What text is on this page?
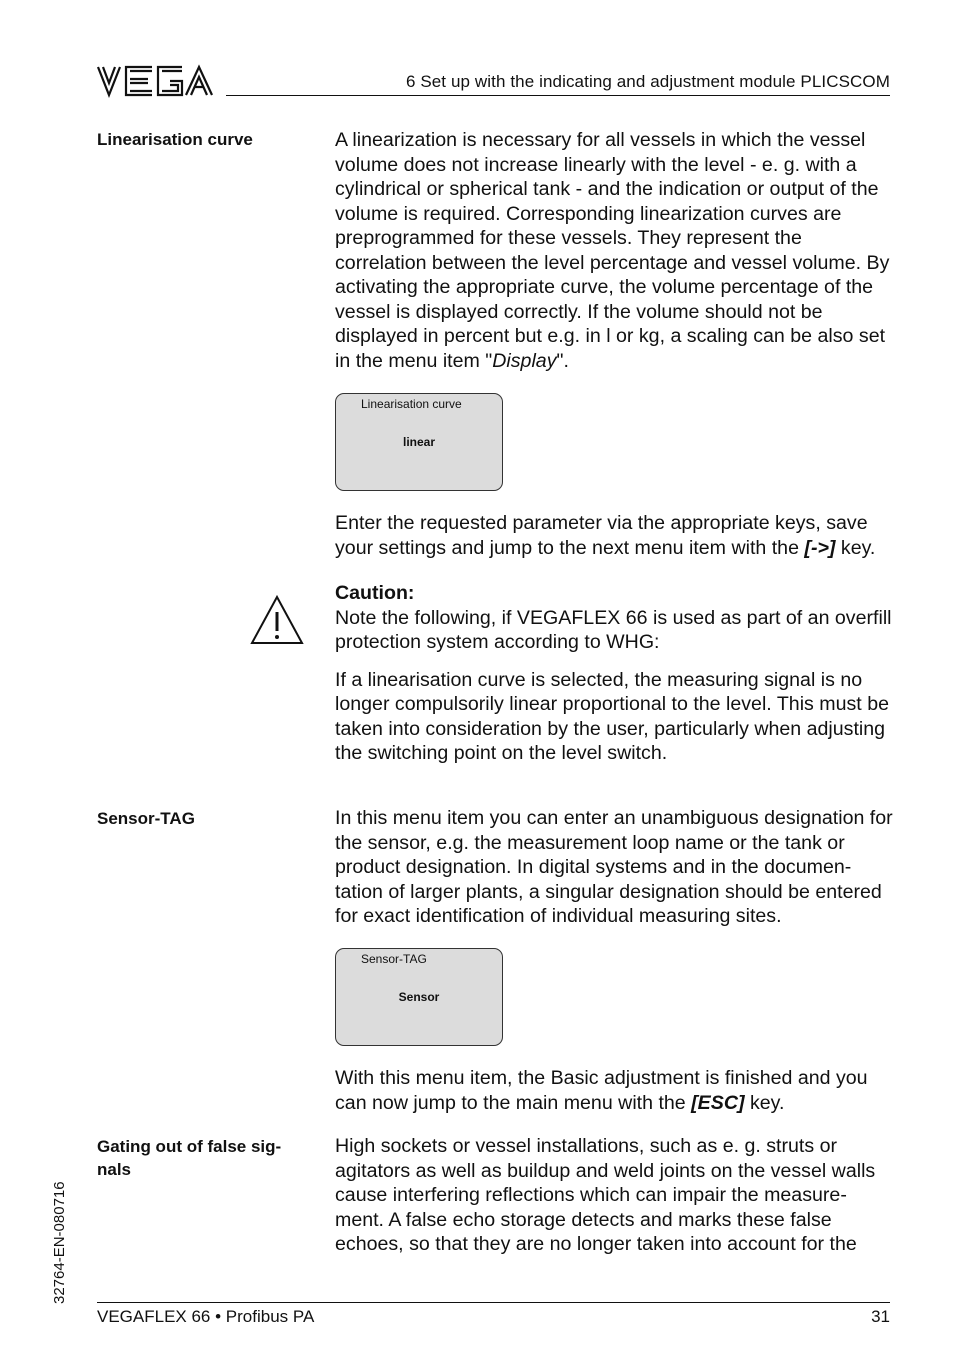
6 Set up with the indicating and adjustment module PLICSCOM
Linearisation curve	A linearization is necessary for all vessels in which the vessel volume does not increase linearly with the level - e. g. with a cylindrical or spherical tank - and the indication or output of the volume is required. Corresponding linearization curves are preprogrammed for these vessels. They represent the correlation between the level percentage and vessel volume. By activating the appropriate curve, the volume percentage of the vessel is displayed correctly. If the volume should not be displayed in percent but e.g. in l or kg, a scaling can be also set in the menu item "Display".
Linearisation curve
linear
Enter the requested parameter via the appropriate keys, save your settings and jump to the next menu item with the [->] key.
Caution:
Note the following, if VEGAFLEX 66 is used as part of an overfill protection system according to WHG:
If a linearisation curve is selected, the measuring signal is no longer compulsorily linear proportional to the level. This must be taken into consideration by the user, particularly when adjusting the switching point on the level switch.
Sensor-TAG	In this menu item you can enter an unambiguous designation for the sensor, e.g. the measurement loop name or the tank or product designation. In digital systems and in the documen-tation of larger plants, a singular designation should be entered for exact identification of individual measuring sites.
Sensor-TAG
Sensor
With this menu item, the Basic adjustment is finished and you can now jump to the main menu with the [ESC] key.
Gating out of false sig-nals
High sockets or vessel installations, such as e. g. struts or agitators as well as buildup and weld joints on the vessel walls cause interfering reflections which can impair the measure-ment. A false echo storage detects and marks these false echoes, so that they are no longer taken into account for the
32764-EN-080716
VEGAFLEX 66 • Profibus PA	31
